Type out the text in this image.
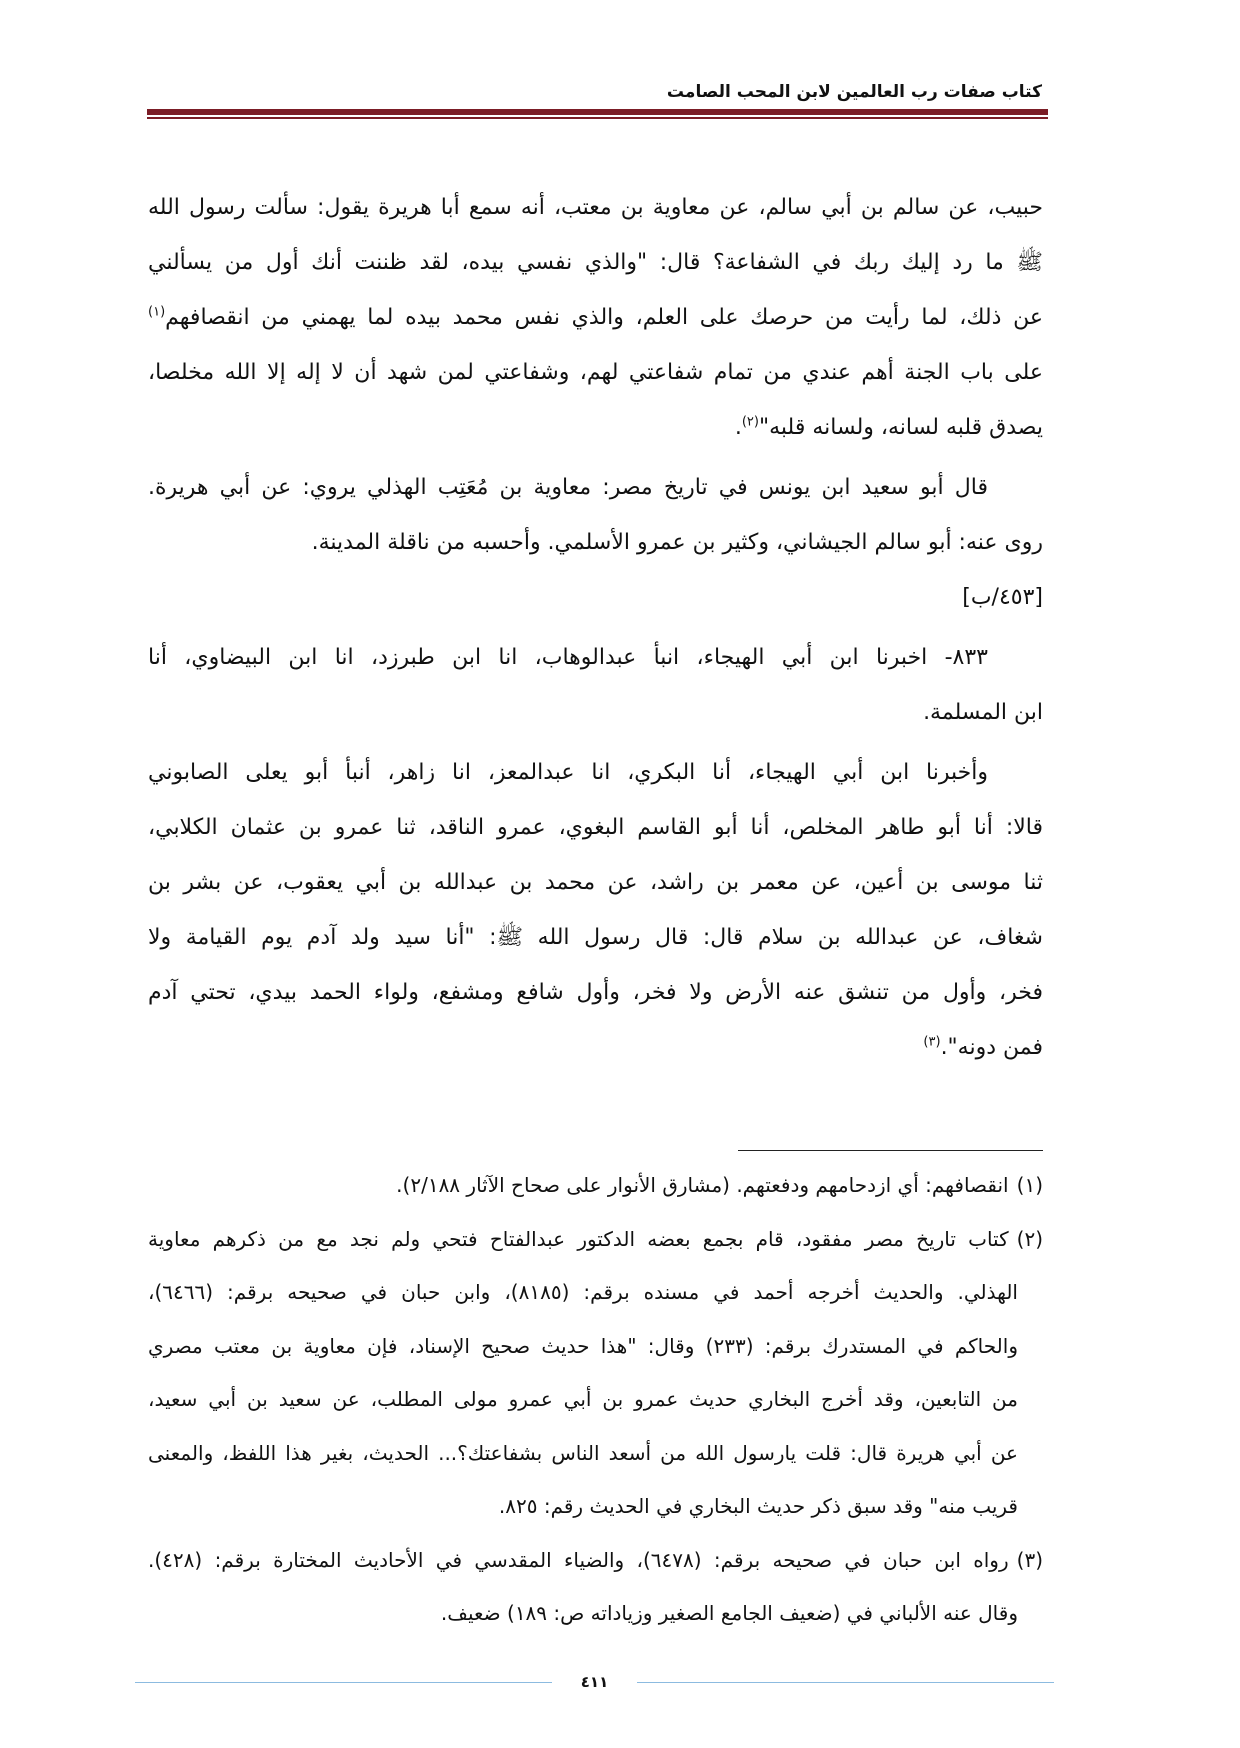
كتاب صفات رب العالمين لابن المحب الصامت
حبيب، عن سالم بن أبي سالم، عن معاوية بن معتب، أنه سمع أبا هريرة يقول: سألت رسول الله
ﷺ ما رد إليك ربك في الشفاعة؟ قال: "والذي نفسي بيده، لقد ظننت أنك أول من يسألني
عن ذلك، لما رأيت من حرصك على العلم، والذي نفس محمد بيده لما يهمني من انقصافهم$^{(١)}$
على باب الجنة أهم عندي من تمام شفاعتي لهم، وشفاعتي لمن شهد أن لا إله إلا الله مخلصا،
يصدق قلبه لسانه، ولسانه قلبه"$^{(٢)}$.
قال أبو سعيد ابن يونس في تاريخ مصر: معاوية بن مُعَتِب الهذلي يروي: عن أبي هريرة.
روى عنه: أبو سالم الجيشاني، وكثير بن عمرو الأسلمي. وأحسبه من ناقلة المدينة.
[٤٥٣/ب]
٨٣٣- اخبرنا ابن أبي الهيجاء، انبأ عبدالوهاب، انا ابن طبرزد، انا ابن البيضاوي، أنا
ابن المسلمة.
وأخبرنا ابن أبي الهيجاء، أنا البكري، انا عبدالمعز، انا زاهر، أنبأ أبو يعلى الصابوني
قالا: أنا أبو طاهر المخلص، أنا أبو القاسم البغوي، عمرو الناقد، ثنا عمرو بن عثمان الكلابي،
ثنا موسى بن أعين، عن معمر بن راشد، عن محمد بن عبدالله بن أبي يعقوب، عن بشر بن
شغاف، عن عبدالله بن سلام قال: قال رسول الله ﷺ: "أنا سيد ولد آدم يوم القيامة ولا
فخر، وأول من تنشق عنه الأرض ولا فخر، وأول شافع ومشفع، ولواء الحمد بيدي، تحتي آدم
فمن دونه".$^{(٣)}$
(١)انقصافهم: أي ازدحامهم ودفعتهم. (مشارق الأنوار على صحاح الآثار ٢/١٨٨).
(٢)كتاب تاريخ مصر مفقود، قام بجمع بعضه الدكتور عبدالفتاح فتحي ولم نجد مع من ذكرهم معاوية
الهذلي. والحديث أخرجه أحمد في مسنده برقم: (٨١٨٥)، وابن حبان في صحيحه برقم: (٦٤٦٦)،
والحاكم في المستدرك برقم: (٢٣٣) وقال: "هذا حديث صحيح الإسناد، فإن معاوية بن معتب مصري
من التابعين، وقد أخرج البخاري حديث عمرو بن أبي عمرو مولى المطلب، عن سعيد بن أبي سعيد،
عن أبي هريرة قال: قلت يارسول الله من أسعد الناس بشفاعتك؟... الحديث، بغير هذا اللفظ، والمعنى
قريب منه" وقد سبق ذكر حديث البخاري في الحديث رقم: ٨٢٥.
(٣)رواه ابن حبان في صحيحه برقم: (٦٤٧٨)، والضياء المقدسي في الأحاديث المختارة برقم: (٤٢٨).
وقال عنه الألباني في (ضعيف الجامع الصغير وزياداته ص: ١٨٩) ضعيف.
٤١١
